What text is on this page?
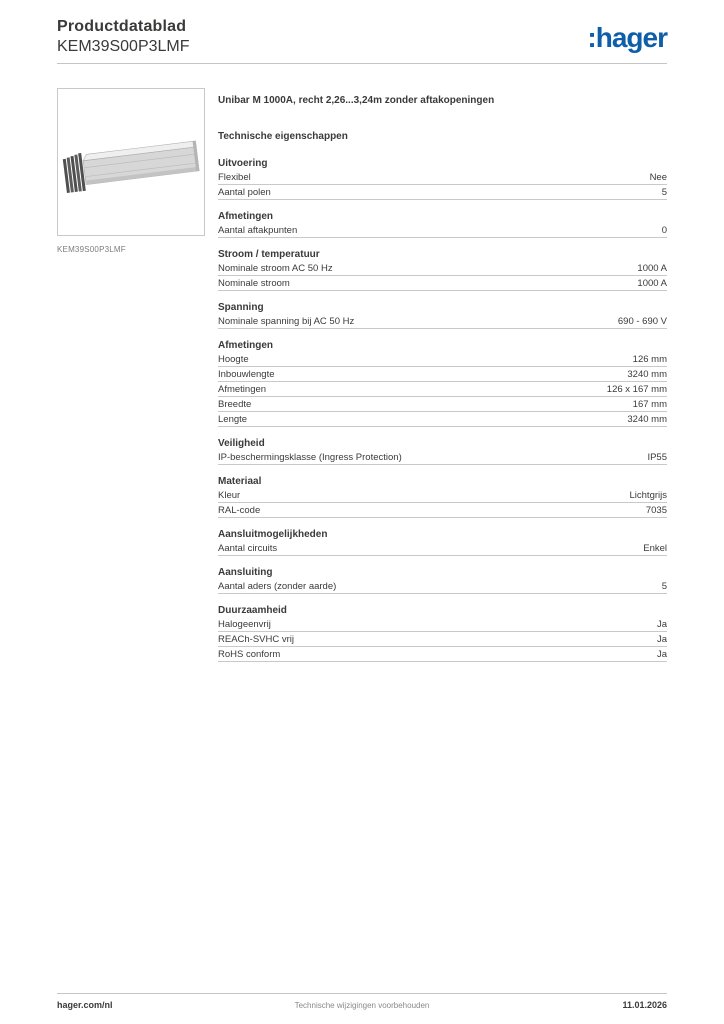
Productdatablad
KEM39S00P3LMF	:hager
KEM39S00P3LMF
Unibar M 1000A, recht 2,26...3,24m zonder aftakopeningen
Technische eigenschappen
Uitvoering
Flexibel	Nee
Aantal polen	5
Afmetingen
Aantal aftakpunten	0
Stroom / temperatuur
Nominale stroom AC 50 Hz	1000 A
Nominale stroom	1000 A
Spanning
Nominale spanning bij AC 50 Hz	690 - 690 V
Afmetingen
Hoogte	126 mm
Inbouwlengte	3240 mm
Afmetingen	126 x 167 mm
Breedte	167 mm
Lengte	3240 mm
Veiligheid
IP-beschermingsklasse (Ingress Protection)	IP55
Materiaal
Kleur	Lichtgrijs
RAL-code	7035
Aansluitmogelijkheden
Aantal circuits	Enkel
Aansluiting
Aantal aders (zonder aarde)	5
Duurzaamheid
Halogeenvrij	Ja
REACh-SVHC vrij	Ja
RoHS conform	Ja
hager.com/nl	Technische wijzigingen voorbehouden	11.01.2026
